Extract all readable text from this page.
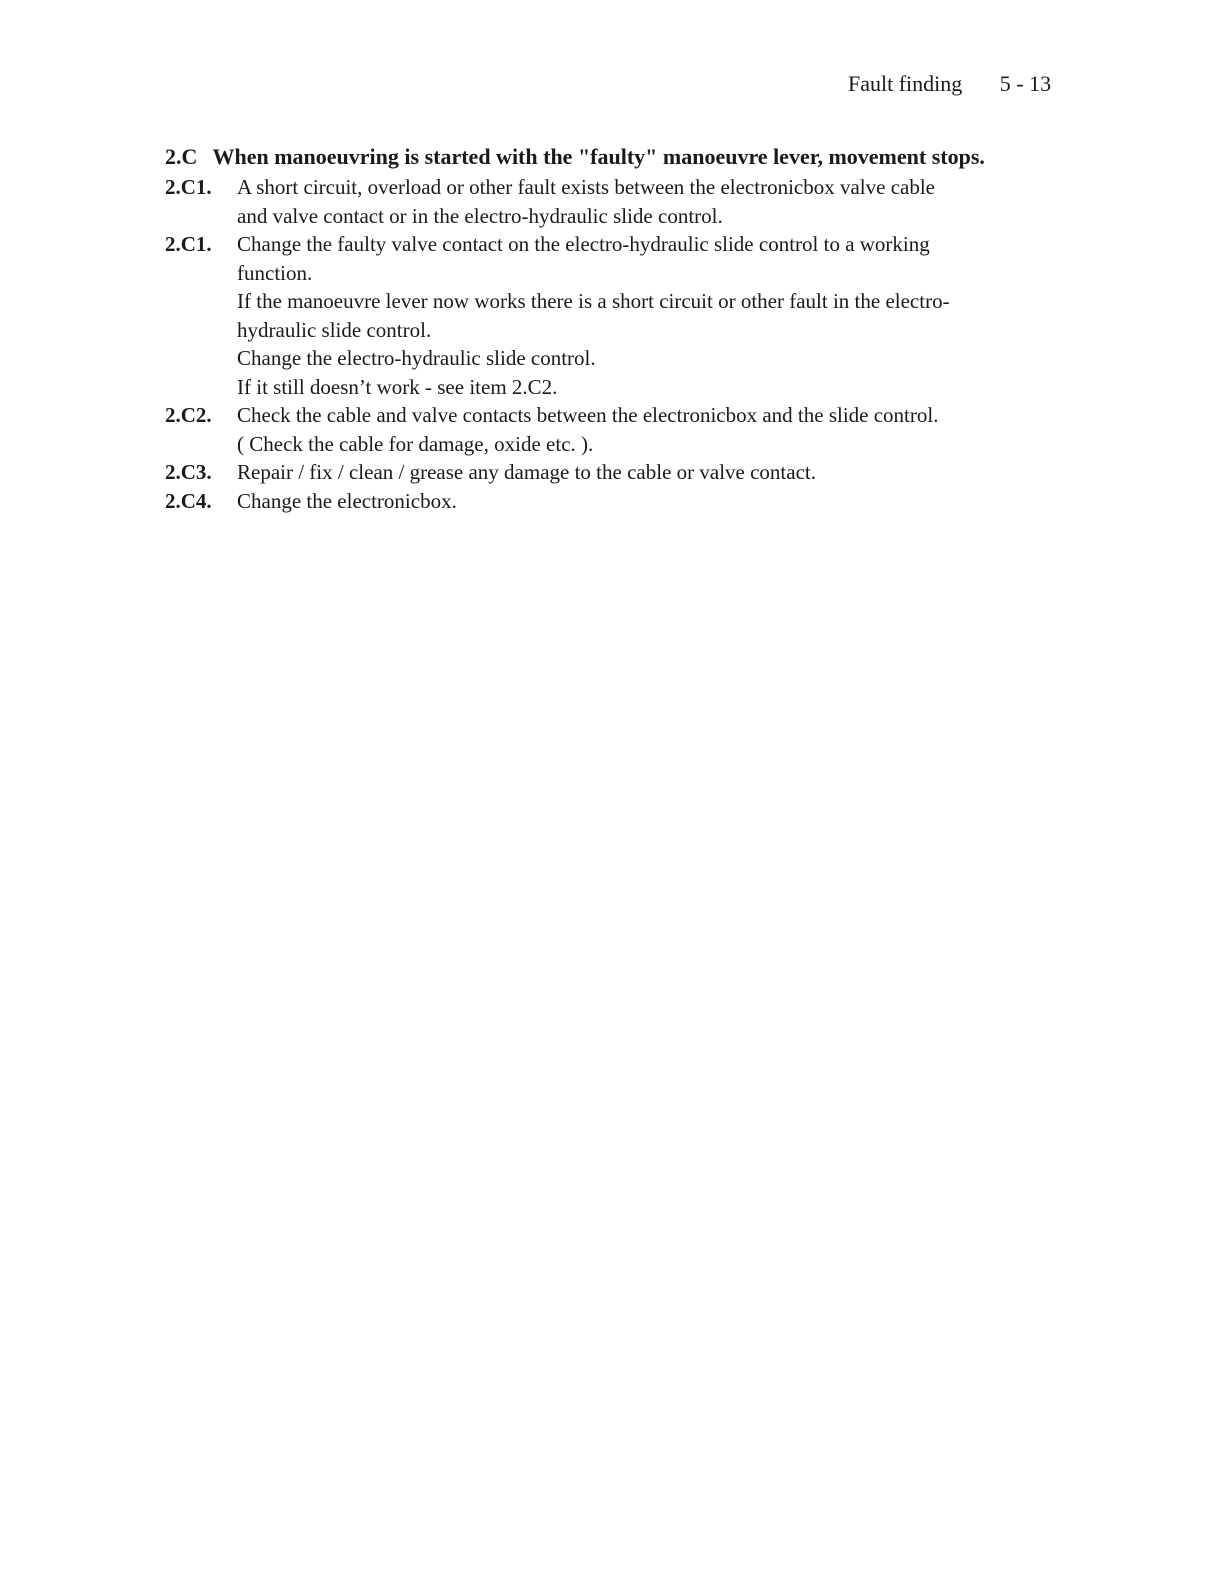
Fault finding 5 - 13
2.C When manoeuvring is started with the "faulty" manoeuvre lever, movement stops.
2.C1.	A short circuit, overload or other fault exists between the electronicbox valve cable
and valve contact or in the electro-hydraulic slide control.
2.C1.	Change the faulty valve contact on the electro-hydraulic slide control to a working
function.
If the manoeuvre lever now works there is a short circuit or other fault in the electro-
hydraulic slide control.
Change the electro-hydraulic slide control.
If it still doesn’t work - see item 2.C2.
2.C2.	Check the cable and valve contacts between the electronicbox and the slide control.
( Check the cable for damage, oxide etc. ).
2.C3.	Repair / fix / clean / grease any damage to the cable or valve contact.
2.C4.	Change the electronicbox.
